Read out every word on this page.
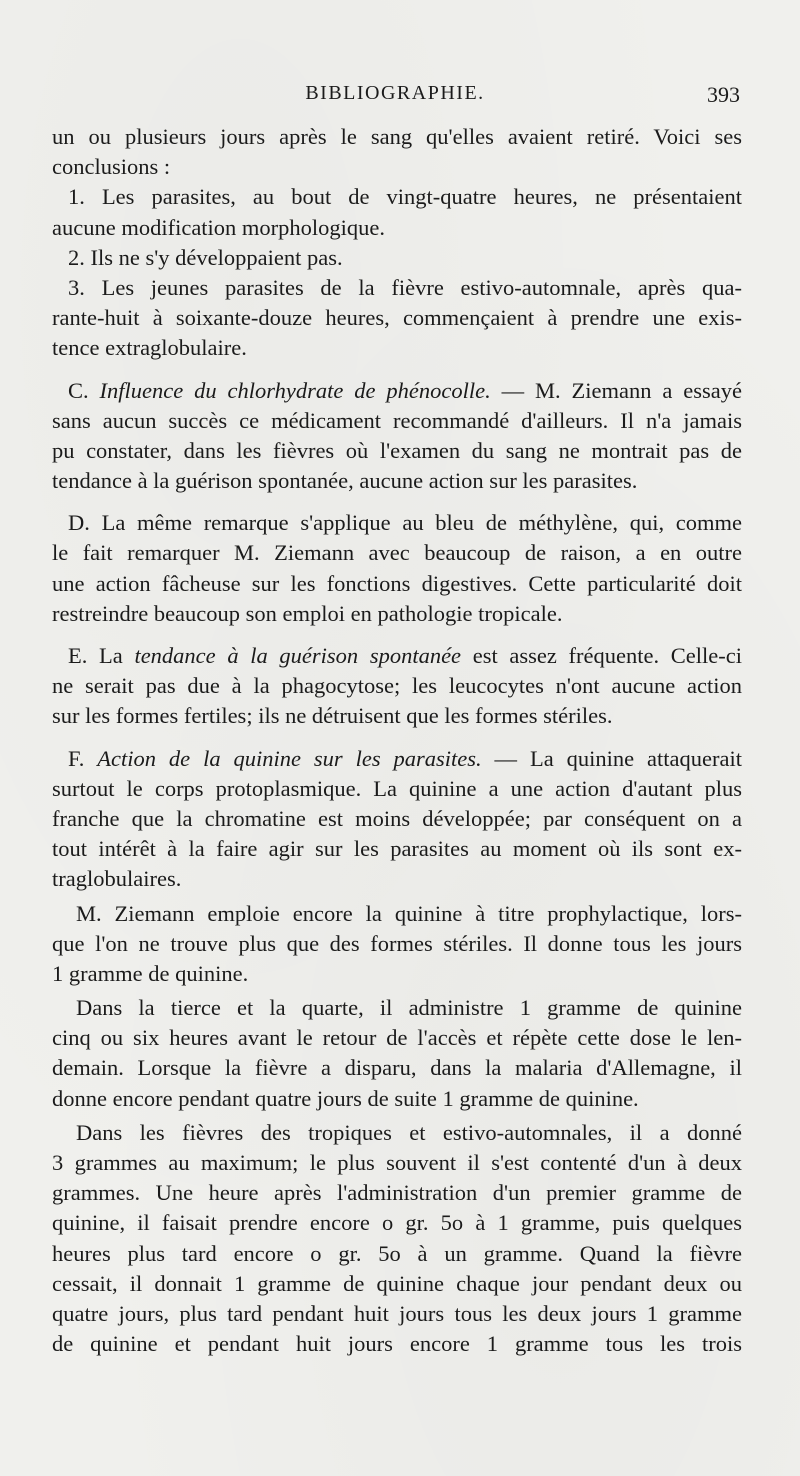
BIBLIOGRAPHIE.	393
un ou plusieurs jours après le sang qu'elles avaient retiré. Voici ses
conclusions :
1. Les parasites, au bout de vingt-quatre heures, ne présentaient
aucune modification morphologique.
2. Ils ne s'y développaient pas.
3. Les jeunes parasites de la fièvre estivo-automnale, après qua-
rante-huit à soixante-douze heures, commençaient à prendre une exis-
tence extraglobulaire.
C. Influence du chlorhydrate de phénocolle. — M. Ziemann a essayé
sans aucun succès ce médicament recommandé d'ailleurs. Il n'a jamais
pu constater, dans les fièvres où l'examen du sang ne montrait pas de
tendance à la guérison spontanée, aucune action sur les parasites.
D. La même remarque s'applique au bleu de méthylène, qui, comme
le fait remarquer M. Ziemann avec beaucoup de raison, a en outre
une action fâcheuse sur les fonctions digestives. Cette particularité doit
restreindre beaucoup son emploi en pathologie tropicale.
E. La tendance à la guérison spontanée est assez fréquente. Celle-ci
ne serait pas due à la phagocytose; les leucocytes n'ont aucune action
sur les formes fertiles; ils ne détruisent que les formes stériles.
F. Action de la quinine sur les parasites. — La quinine attaquerait
surtout le corps protoplasmique. La quinine a une action d'autant plus
franche que la chromatine est moins développée; par conséquent on a
tout intérêt à la faire agir sur les parasites au moment où ils sont ex-
traglobulaires.
M. Ziemann emploie encore la quinine à titre prophylactique, lors-
que l'on ne trouve plus que des formes stériles. Il donne tous les jours
1 gramme de quinine.
Dans la tierce et la quarte, il administre 1 gramme de quinine
cinq ou six heures avant le retour de l'accès et répète cette dose le len-
demain. Lorsque la fièvre a disparu, dans la malaria d'Allemagne, il
donne encore pendant quatre jours de suite 1 gramme de quinine.
Dans les fièvres des tropiques et estivo-automnales, il a donné
3 grammes au maximum; le plus souvent il s'est contenté d'un à deux
grammes. Une heure après l'administration d'un premier gramme de
quinine, il faisait prendre encore o gr. 5o à 1 gramme, puis quelques
heures plus tard encore o gr. 5o à un gramme. Quand la fièvre
cessait, il donnait 1 gramme de quinine chaque jour pendant deux ou
quatre jours, plus tard pendant huit jours tous les deux jours 1 gramme
de quinine et pendant huit jours encore 1 gramme tous les trois
